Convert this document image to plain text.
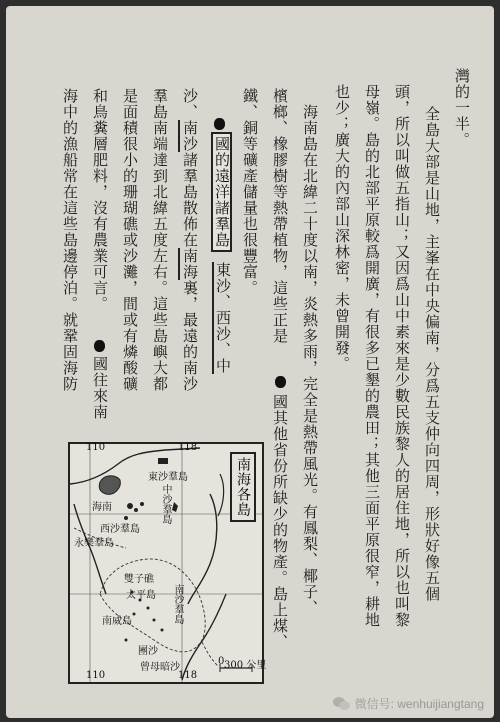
灣的一半。
全島大部是山地，主峯在中央偏南，分爲五支仲向四周，形狀好像五個
頭，所以叫做五指山；又因爲山中素來是少數民族黎人的居住地，所以也叫黎
母嶺。島的北部平原較爲開廣，有很多已墾的農田；其他三面平原很窄，耕地
也少；廣大的內部山深林密，未曾開發。
海南島在北緯二十度以南，炎熱多雨，完全是熱帶風光。有鳳梨、椰子、
檳榔、橡膠樹等熱帶植物，這些正是
國其他省份所缺少的物產。島上煤、
鐵、銅等礦產儲量也很豐富。
國的遠洋諸羣島
東沙、西沙、中
沙、南沙諸羣島散佈在南海裏，最遠的南沙
羣島南端達到北緯五度左右。這些島嶼大都
是面積很小的珊瑚礁或沙灘，間或有燐酸礦
國往來南
和鳥糞層肥料，沒有農業可言。
海中的漁船常在這些島邊停泊。就鞏固海防
南海各島
110	118
110	118
東沙羣島
海南
西沙羣島
中沙羣島
永樂羣島
雙子礁
南沙羣島
太平島
南威島
團沙
曾母暗沙
0 300 公里
微信号: wenhuijiangtang
